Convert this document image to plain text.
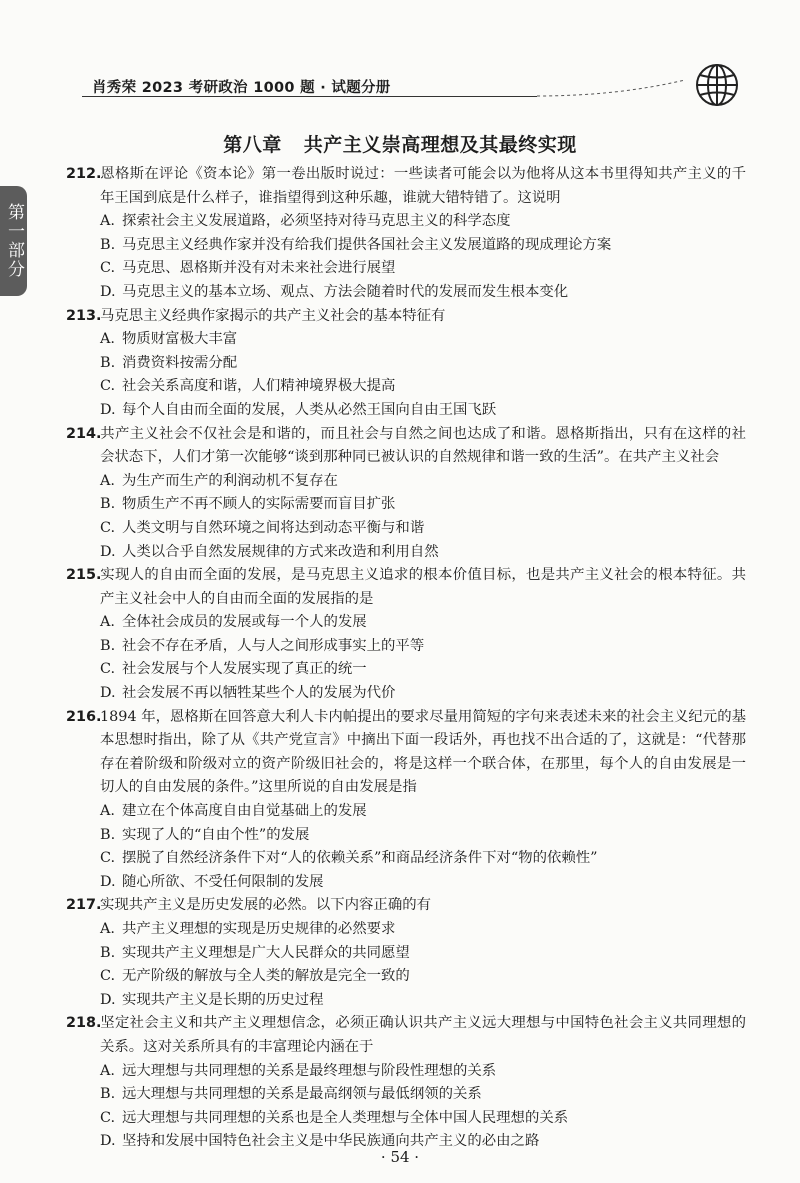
肖秀荣 2023 考研政治 1000 题 · 试题分册
第一部分
第八章 共产主义崇高理想及其最终实现
212.恩格斯在评论《资本论》第一卷出版时说过：一些读者可能会以为他将从这本书里得知共产主义的千年王国到底是什么样子，谁指望得到这种乐趣，谁就大错特错了。这说明
A. 探索社会主义发展道路，必须坚持对待马克思主义的科学态度
B. 马克思主义经典作家并没有给我们提供各国社会主义发展道路的现成理论方案
C. 马克思、恩格斯并没有对未来社会进行展望
D. 马克思主义的基本立场、观点、方法会随着时代的发展而发生根本变化
213.马克思主义经典作家揭示的共产主义社会的基本特征有
A. 物质财富极大丰富
B. 消费资料按需分配
C. 社会关系高度和谐，人们精神境界极大提高
D. 每个人自由而全面的发展，人类从必然王国向自由王国飞跃
214.共产主义社会不仅社会是和谐的，而且社会与自然之间也达成了和谐。恩格斯指出，只有在这样的社会状态下，人们才第一次能够“谈到那种同已被认识的自然规律和谐一致的生活”。在共产主义社会
A. 为生产而生产的利润动机不复存在
B. 物质生产不再不顾人的实际需要而盲目扩张
C. 人类文明与自然环境之间将达到动态平衡与和谐
D. 人类以合乎自然发展规律的方式来改造和利用自然
215.实现人的自由而全面的发展，是马克思主义追求的根本价值目标，也是共产主义社会的根本特征。共产主义社会中人的自由而全面的发展指的是
A. 全体社会成员的发展或每一个人的发展
B. 社会不存在矛盾，人与人之间形成事实上的平等
C. 社会发展与个人发展实现了真正的统一
D. 社会发展不再以牺牲某些个人的发展为代价
216.1894 年，恩格斯在回答意大利人卡内帕提出的要求尽量用简短的字句来表述未来的社会主义纪元的基本思想时指出，除了从《共产党宣言》中摘出下面一段话外，再也找不出合适的了，这就是：“代替那存在着阶级和阶级对立的资产阶级旧社会的，将是这样一个联合体，在那里，每个人的自由发展是一切人的自由发展的条件。”这里所说的自由发展是指
A. 建立在个体高度自由自觉基础上的发展
B. 实现了人的“自由个性”的发展
C. 摆脱了自然经济条件下对“人的依赖关系”和商品经济条件下对“物的依赖性”
D. 随心所欲、不受任何限制的发展
217.实现共产主义是历史发展的必然。以下内容正确的有
A. 共产主义理想的实现是历史规律的必然要求
B. 实现共产主义理想是广大人民群众的共同愿望
C. 无产阶级的解放与全人类的解放是完全一致的
D. 实现共产主义是长期的历史过程
218.坚定社会主义和共产主义理想信念，必须正确认识共产主义远大理想与中国特色社会主义共同理想的关系。这对关系所具有的丰富理论内涵在于
A. 远大理想与共同理想的关系是最终理想与阶段性理想的关系
B. 远大理想与共同理想的关系是最高纲领与最低纲领的关系
C. 远大理想与共同理想的关系也是全人类理想与全体中国人民理想的关系
D. 坚持和发展中国特色社会主义是中华民族通向共产主义的必由之路
· 54 ·
